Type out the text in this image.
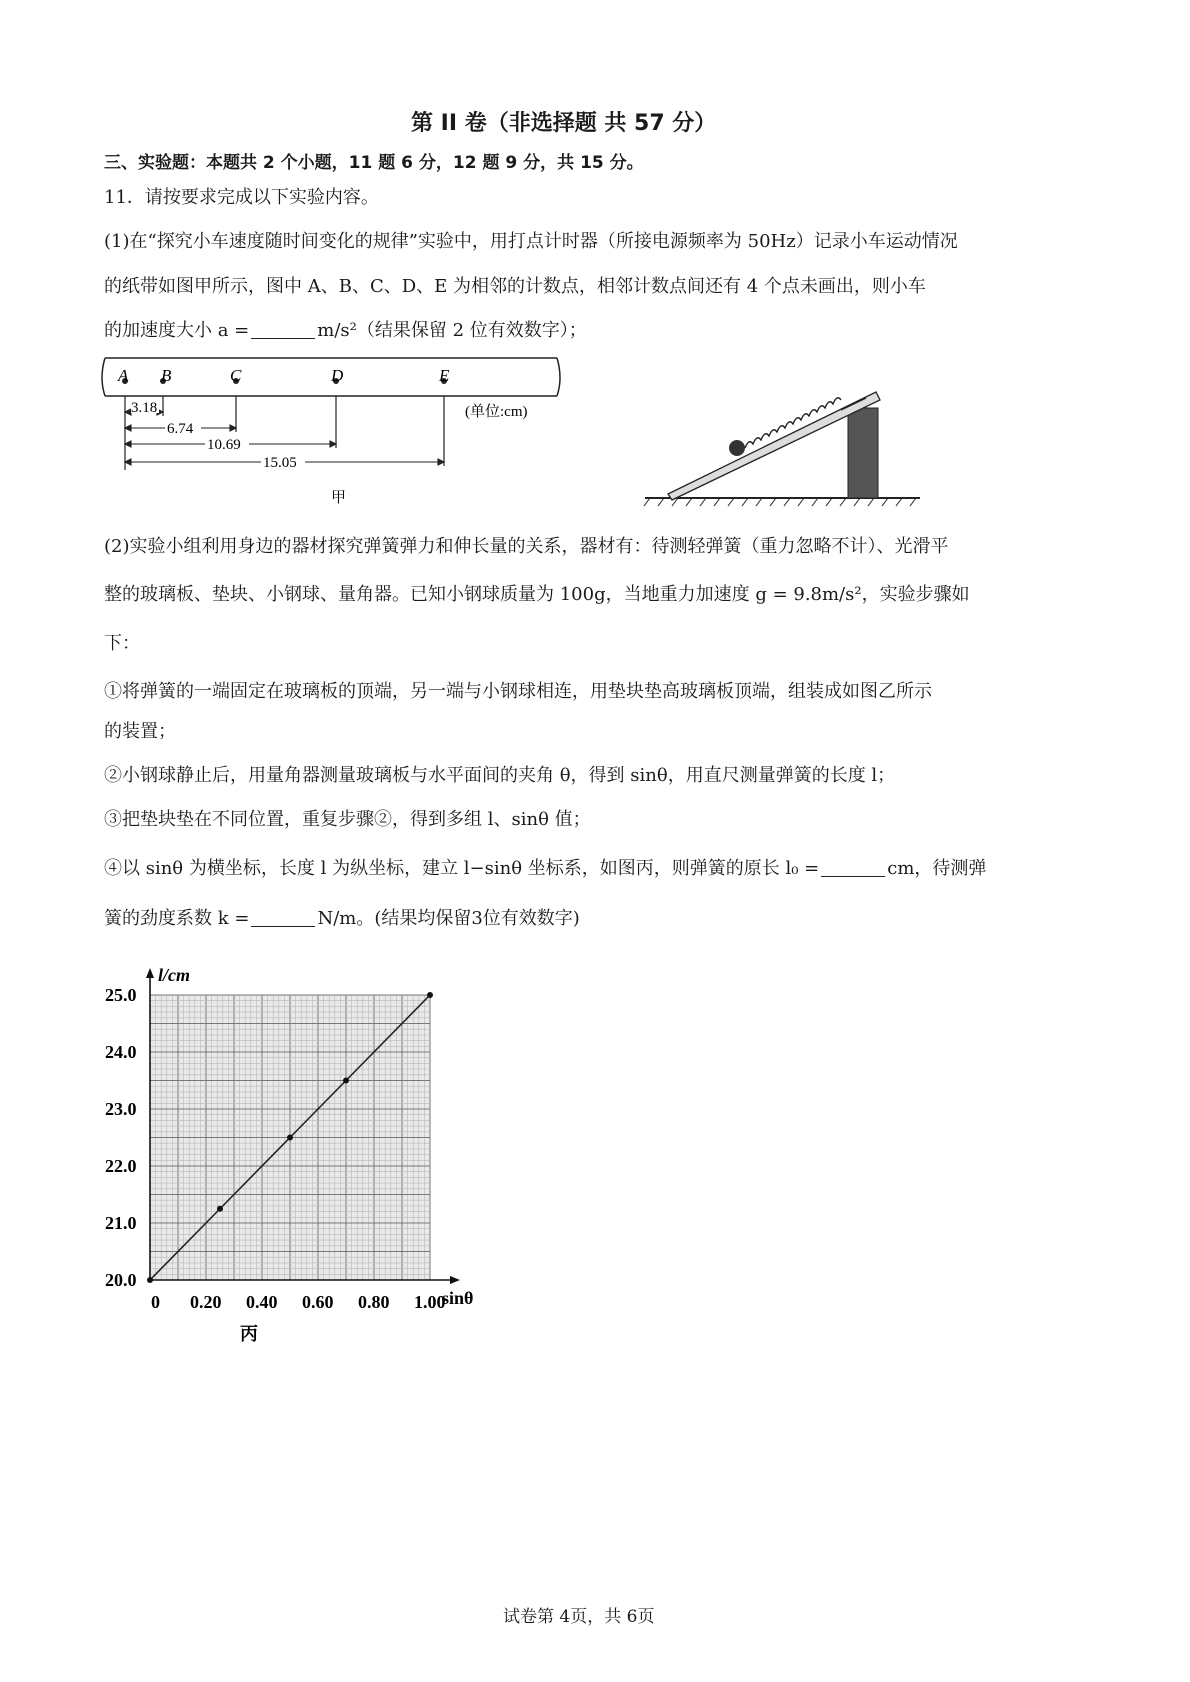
第 II 卷（非选择题 共 57 分）
三、实验题：本题共 2 个小题，11 题 6 分，12 题 9 分，共 15 分。
11．请按要求完成以下实验内容。
(1)在“探究小车速度随时间变化的规律”实验中，用打点计时器（所接电源频率为 50Hz）记录小车运动情况
的纸带如图甲所示，图中 A、B、C、D、E 为相邻的计数点，相邻计数点间还有 4 个点未画出，则小车
的加速度大小 a =	m/s²（结果保留 2 位有效数字）；
A B	C	D	E
3.18
6.74
10.69
15.05
(单位:cm)
甲
(2)实验小组利用身边的器材探究弹簧弹力和伸长量的关系，器材有：待测轻弹簧（重力忽略不计）、光滑平
整的玻璃板、垫块、小钢球、量角器。已知小钢球质量为 100g，当地重力加速度 g = 9.8m/s²，实验步骤如
下：
①将弹簧的一端固定在玻璃板的顶端，另一端与小钢球相连，用垫块垫高玻璃板顶端，组装成如图乙所示
的装置；
②小钢球静止后，用量角器测量玻璃板与水平面间的夹角 θ，得到 sinθ，用直尺测量弹簧的长度 l；
③把垫块垫在不同位置，重复步骤②，得到多组 l、sinθ 值；
④以 sinθ 为横坐标，长度 l 为纵坐标，建立 l−sinθ 坐标系，如图丙，则弹簧的原长 l₀ =	cm，待测弹
簧的劲度系数 k =	N/m。(结果均保留3位有效数字)
0 0.20 0.40 0.60 0.80 1.00
20.0
21.0
22.0
23.0
24.0
25.0
l/cm
sinθ
丙
试卷第 4页，共 6页
